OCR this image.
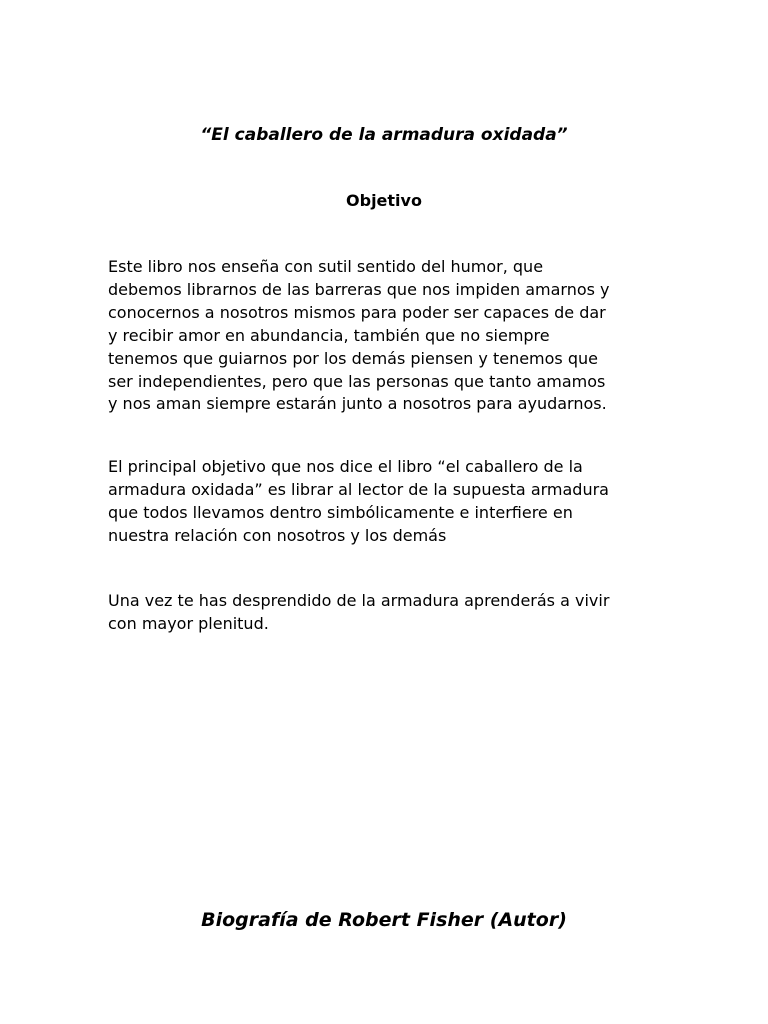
“El caballero de la armadura oxidada”
Objetivo

Este libro nos enseña con sutil sentido del humor, que
debemos librarnos de las barreras que nos impiden amarnos y
conocernos a nosotros mismos para poder ser capaces de dar
y recibir amor en abundancia, también que no siempre
tenemos que guiarnos por los demás piensen y tenemos que
ser independientes, pero que las personas que tanto amamos
y nos aman siempre estarán junto a nosotros para ayudarnos.

El principal objetivo que nos dice el libro “el caballero de la
armadura oxidada” es librar al lector de la supuesta armadura
que todos llevamos dentro simbólicamente e interfiere en
nuestra relación con nosotros y los demás

Una vez te has desprendido de la armadura aprenderás a vivir
con mayor plenitud.

Biografía de Robert Fisher (Autor)
